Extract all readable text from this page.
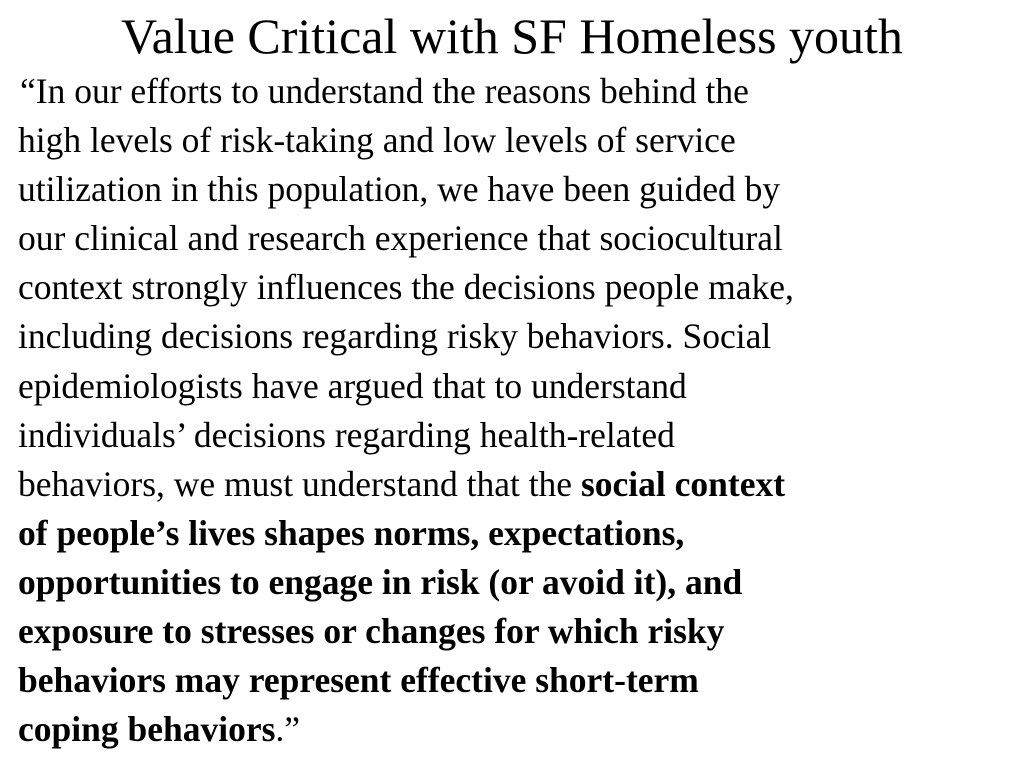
Value Critical with SF Homeless youth
“In our efforts to understand the reasons behind the
high levels of risk-taking and low levels of service
utilization in this population, we have been guided by
our clinical and research experience that sociocultural
context strongly influences the decisions people make,
including decisions regarding risky behaviors. Social
epidemiologists have argued that to understand
individuals’ decisions regarding health-related
behaviors, we must understand that the social context
of people’s lives shapes norms, expectations,
opportunities to engage in risk (or avoid it), and
exposure to stresses or changes for which risky
behaviors may represent effective short-term
coping behaviors.”
